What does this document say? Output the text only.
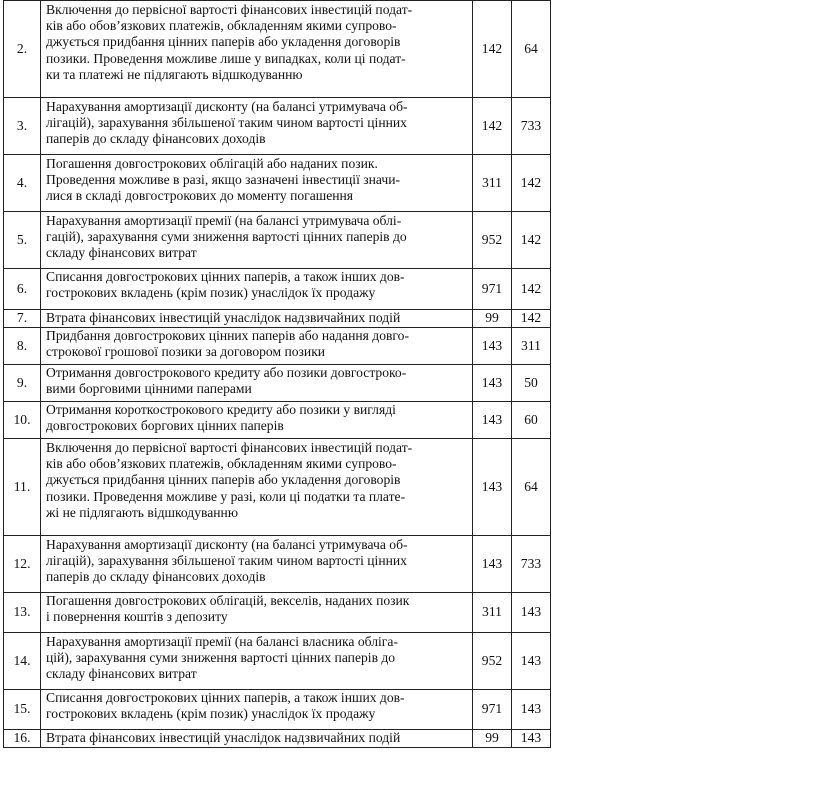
2.	Включення до первісної вартості фінансових інвестицій подат-
ків або обов’язкових платежів, обкладенням якими супрово-
джується придбання цінних паперів або укладення договорів
позики. Проведення можливе лише у випадках, коли ці подат-
ки та платежі не підлягають відшкодуванню	142	64
3.	Нарахування амортизації дисконту (на балансі утримувача об-
лігацій), зарахування збільшеної таким чином вартості цінних
паперів до складу фінансових доходів	142	733
4.	Погашення довгострокових облігацій або наданих позик.
Проведення можливе в разі, якщо зазначені інвестиції значи-
лися в складі довгострокових до моменту погашення	311	142
5.	Нарахування амортизації премії (на балансі утримувача облі-
гацій), зарахування суми зниження вартості цінних паперів до
складу фінансових витрат	952	142
6.	Списання довгострокових цінних паперів, а також інших дов-
гострокових вкладень (крім позик) унаслідок їх продажу	971	142
7.	Втрата фінансових інвестицій унаслідок надзвичайних подій	99	142
8.	Придбання довгострокових цінних паперів або надання довго-
строкової грошової позики за договором позики	143	311
9.	Отримання довгострокового кредиту або позики довгостроко-
вими борговими цінними паперами	143	50
10.	Отримання короткострокового кредиту або позики у вигляді
довгострокових боргових цінних паперів	143	60
11.	Включення до первісної вартості фінансових інвестицій подат-
ків або обов’язкових платежів, обкладенням якими супрово-
джується придбання цінних паперів або укладення договорів
позики. Проведення можливе у разі, коли ці податки та плате-
жі не підлягають відшкодуванню	143	64
12.	Нарахування амортизації дисконту (на балансі утримувача об-
лігацій), зарахування збільшеної таким чином вартості цінних
паперів до складу фінансових доходів	143	733
13.	Погашення довгострокових облігацій, векселів, наданих позик
і повернення коштів з депозиту	311	143
14.	Нарахування амортизації премії (на балансі власника облігa-
цій), зарахування суми зниження вартості цінних паперів до
складу фінансових витрат	952	143
15.	Списання довгострокових цінних паперів, а також інших дов-
гострокових вкладень (крім позик) унаслідок їх продажу	971	143
16.	Втрата фінансових інвестицій унаслідок надзвичайних подій	99	143
